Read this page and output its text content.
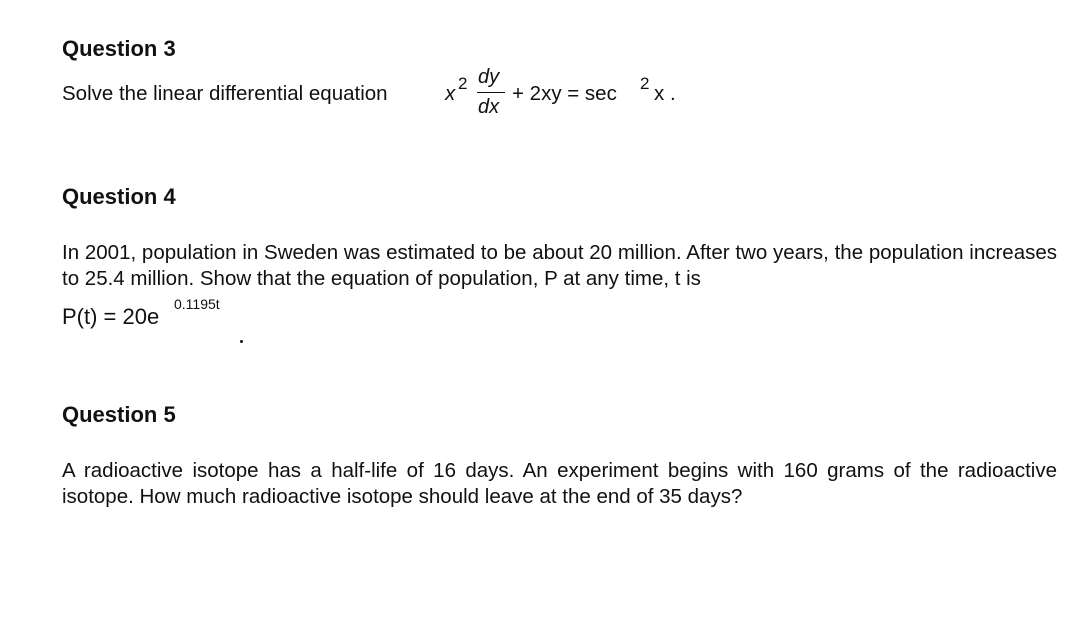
Question 3
Solve the linear differential equation	x 2 dy
dx
+ 2xy = sec 2 x .
Question 4

In 2001, population in Sweden was estimated to be about 20 million. After two years, the population increases to 25.4 million. Show that the equation of population, P at any time, t is

P(t) = 20e 0.1195t
Question 5

A radioactive isotope has a half-life of 16 days. An experiment begins with 160 grams of the radioactive isotope. How much radioactive isotope should leave at the end of 35 days?
